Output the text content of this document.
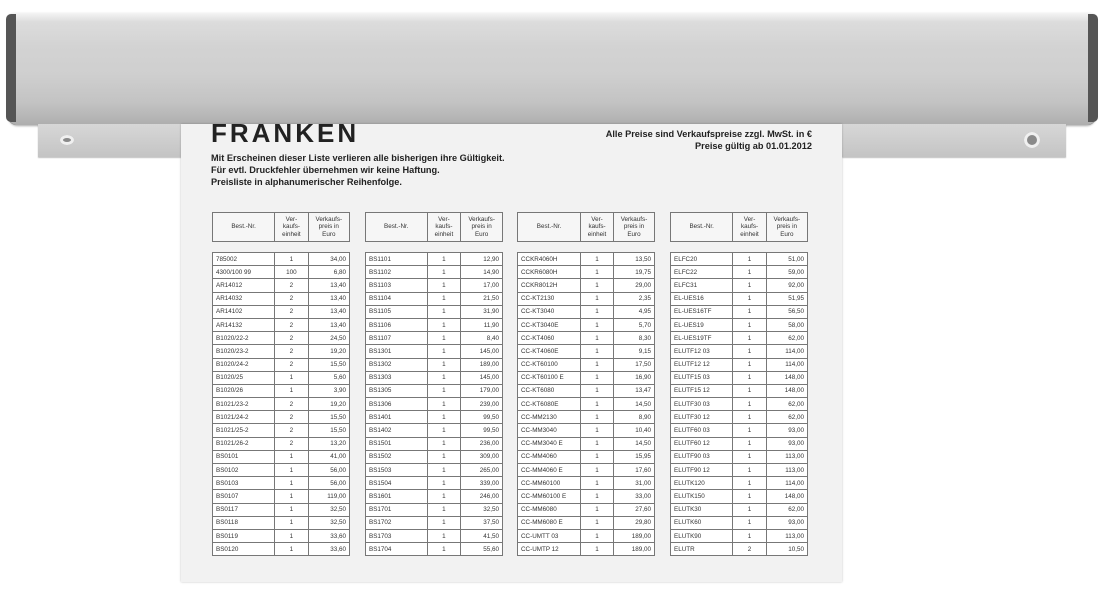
FRANKEN
Mit Erscheinen dieser Liste verlieren alle bisherigen ihre Gültigkeit.
Für evtl. Druckfehler übernehmen wir keine Haftung.
Preisliste in alphanumerischer Reihenfolge.
Alle Preise sind Verkaufspreise zzgl. MwSt. in €
Preise gültig ab 01.01.2012
Best.-Nr.	Ver-
kaufs-
einheit	Verkaufs-
preis in
Euro

785002	1	34,00
4300/100 99	100	6,80
AR14012	2	13,40
AR14032	2	13,40
AR14102	2	13,40
AR14132	2	13,40
B1020/22-2	2	24,50
B1020/23-2	2	19,20
B1020/24-2	2	15,50
B1020/25	1	5,60
B1020/26	1	3,90
B1021/23-2	2	19,20
B1021/24-2	2	15,50
B1021/25-2	2	15,50
B1021/26-2	2	13,20
BS0101	1	41,00
BS0102	1	56,00
BS0103	1	56,00
BS0107	1	119,00
BS0117	1	32,50
BS0118	1	32,50
BS0119	1	33,60
BS0120	1	33,60
Best.-Nr.	Ver-
kaufs-
einheit	Verkaufs-
preis in
Euro

BS1101	1	12,90
BS1102	1	14,90
BS1103	1	17,00
BS1104	1	21,50
BS1105	1	31,90
BS1106	1	11,90
BS1107	1	8,40
BS1301	1	145,00
BS1302	1	189,00
BS1303	1	145,00
BS1305	1	179,00
BS1306	1	239,00
BS1401	1	99,50
BS1402	1	99,50
BS1501	1	236,00
BS1502	1	309,00
BS1503	1	265,00
BS1504	1	339,00
BS1601	1	246,00
BS1701	1	32,50
BS1702	1	37,50
BS1703	1	41,50
BS1704	1	55,60
Best.-Nr.	Ver-
kaufs-
einheit	Verkaufs-
preis in
Euro

CCKR4060H	1	13,50
CCKR6080H	1	19,75
CCKR8012H	1	29,00
CC-KT2130	1	2,35
CC-KT3040	1	4,95
CC-KT3040E	1	5,70
CC-KT4060	1	8,30
CC-KT4060E	1	9,15
CC-KT60100	1	17,50
CC-KT60100 E	1	16,90
CC-KT6080	1	13,47
CC-KT6080E	1	14,50
CC-MM2130	1	8,90
CC-MM3040	1	10,40
CC-MM3040 E	1	14,50
CC-MM4060	1	15,95
CC-MM4060 E	1	17,60
CC-MM60100	1	31,00
CC-MM60100 E	1	33,00
CC-MM6080	1	27,60
CC-MM6080 E	1	29,80
CC-UMTT 03	1	189,00
CC-UMTP 12	1	189,00
Best.-Nr.	Ver-
kaufs-
einheit	Verkaufs-
preis in
Euro

ELFC20	1	51,00
ELFC22	1	59,00
ELFC31	1	92,00
EL-UES16	1	51,95
EL-UES16TF	1	56,50
EL-UES19	1	58,00
EL-UES19TF	1	62,00
ELUTF12 03	1	114,00
ELUTF12 12	1	114,00
ELUTF15 03	1	148,00
ELUTF15 12	1	148,00
ELUTF30 03	1	62,00
ELUTF30 12	1	62,00
ELUTF60 03	1	93,00
ELUTF60 12	1	93,00
ELUTF90 03	1	113,00
ELUTF90 12	1	113,00
ELUTK120	1	114,00
ELUTK150	1	148,00
ELUTK30	1	62,00
ELUTK60	1	93,00
ELUTK90	1	113,00
ELUTR	2	10,50
